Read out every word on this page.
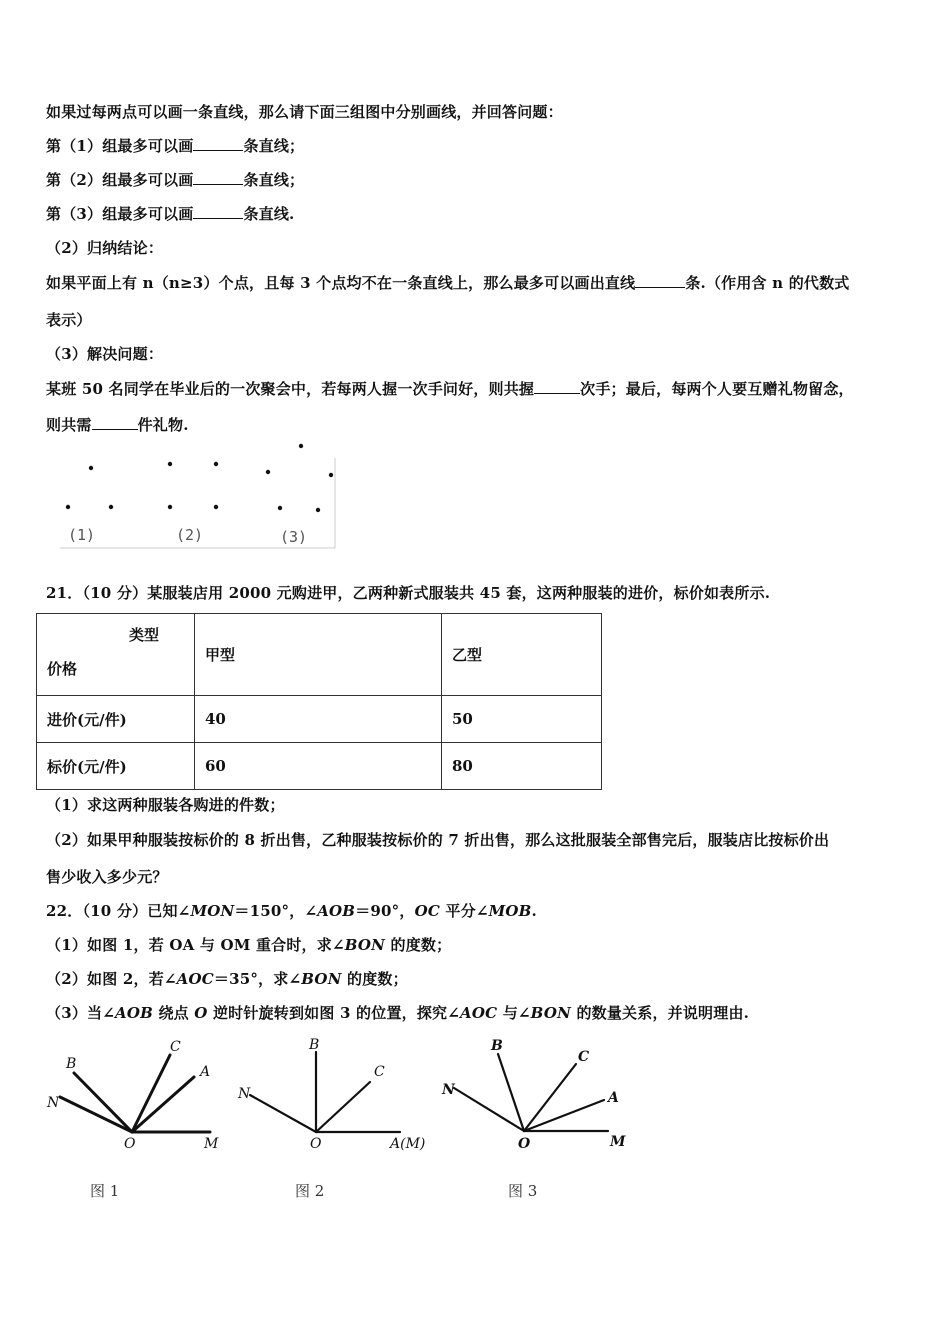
如果过每两点可以画一条直线，那么请下面三组图中分别画线，并回答问题：
第（1）组最多可以画	条直线；
第（2）组最多可以画	条直线；
第（3）组最多可以画	条直线.
（2）归纳结论：
如果平面上有 n（n≥3）个点，且每 3 个点均不在一条直线上，那么最多可以画出直线	条.（作用含 n 的代数式
表示）
（3）解决问题：
某班 50 名同学在毕业后的一次聚会中，若每两人握一次手问好，则共握	次手；最后，每两个人要互赠礼物留念，
则共需	件礼物.
(1)	(2)	(3)
21．（10 分）某服装店用 2000 元购进甲，乙两种新式服装共 45 套，这两种服装的进价，标价如表所示.
类型
价格	甲型	乙型
进价(元/件)	40	50
标价(元/件)	60	80
（1）求这两种服装各购进的件数；
（2）如果甲种服装按标价的 8 折出售，乙种服装按标价的 7 折出售，那么这批服装全部售完后，服装店比按标价出
售少收入多少元？
22．（10 分）已知∠MON＝150°，∠AOB＝90°，OC 平分∠MOB.
（1）如图 1，若 OA 与 OM 重合时，求∠BON 的度数；
（2）如图 2，若∠AOC＝35°，求∠BON 的度数；
（3）当∠AOB 绕点 O 逆时针旋转到如图 3 的位置，探究∠AOC 与∠BON 的数量关系，并说明理由.
B
C
A
N
O	M
图 1
B
C
N
O	A(M)
图 2
B
C
A
N
O	M
图 3
